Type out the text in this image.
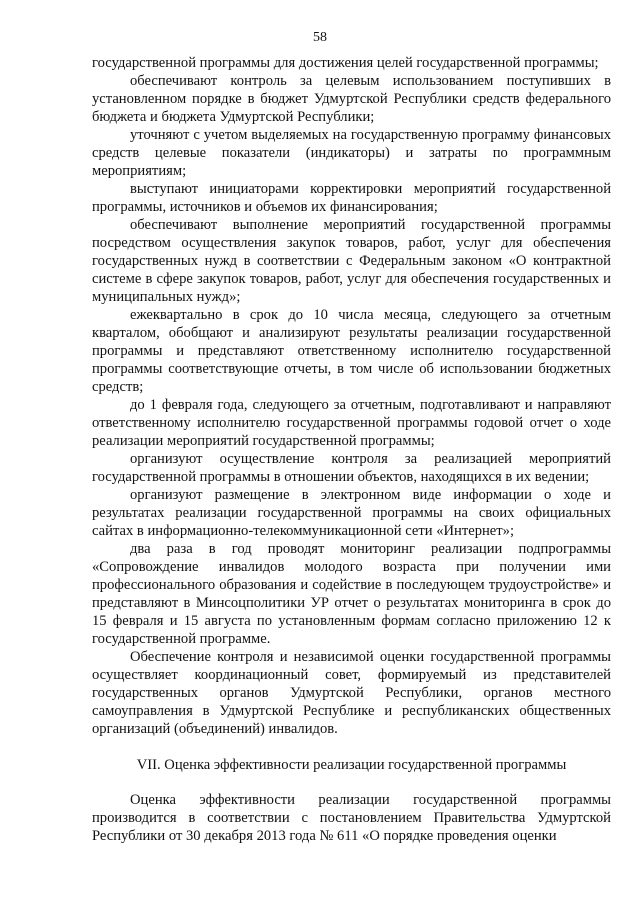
58

государственной программы для достижения целей государственной программы;

обеспечивают контроль за целевым использованием поступивших в установленном порядке в бюджет Удмуртской Республики средств федерального бюджета и бюджета Удмуртской Республики;

уточняют с учетом выделяемых на государственную программу финансовых средств целевые показатели (индикаторы) и затраты по программным мероприятиям;

выступают инициаторами корректировки мероприятий государственной программы, источников и объемов их финансирования;

обеспечивают выполнение мероприятий государственной программы посредством осуществления закупок товаров, работ, услуг для обеспечения государственных нужд в соответствии с Федеральным законом «О контрактной системе в сфере закупок товаров, работ, услуг для обеспечения государственных и муниципальных нужд»;

ежеквартально в срок до 10 числа месяца, следующего за отчетным кварталом, обобщают и анализируют результаты реализации государственной программы и представляют ответственному исполнителю государственной программы соответствующие отчеты, в том числе об использовании бюджетных средств;

до 1 февраля года, следующего за отчетным, подготавливают и направляют ответственному исполнителю государственной программы годовой отчет о ходе реализации мероприятий государственной программы;

организуют осуществление контроля за реализацией мероприятий государственной программы в отношении объектов, находящихся в их ведении;

организуют размещение в электронном виде информации о ходе и результатах реализации государственной программы на своих официальных сайтах в информационно-телекоммуникационной сети «Интернет»;

два раза в год проводят мониторинг реализации подпрограммы «Сопровождение инвалидов молодого возраста при получении ими профессионального образования и содействие в последующем трудоустройстве» и представляют в Минсоцполитики УР отчет о результатах мониторинга в срок до 15 февраля и 15 августа по установленным формам согласно приложению 12 к государственной программе.

Обеспечение контроля и независимой оценки государственной программы осуществляет координационный совет, формируемый из представителей государственных органов Удмуртской Республики, органов местного самоуправления в Удмуртской Республике и республиканских общественных организаций (объединений) инвалидов.

VII. Оценка эффективности реализации государственной программы

Оценка эффективности реализации государственной программы производится в соответствии с постановлением Правительства Удмуртской Республики от 30 декабря 2013 года № 611 «О порядке проведения оценки
